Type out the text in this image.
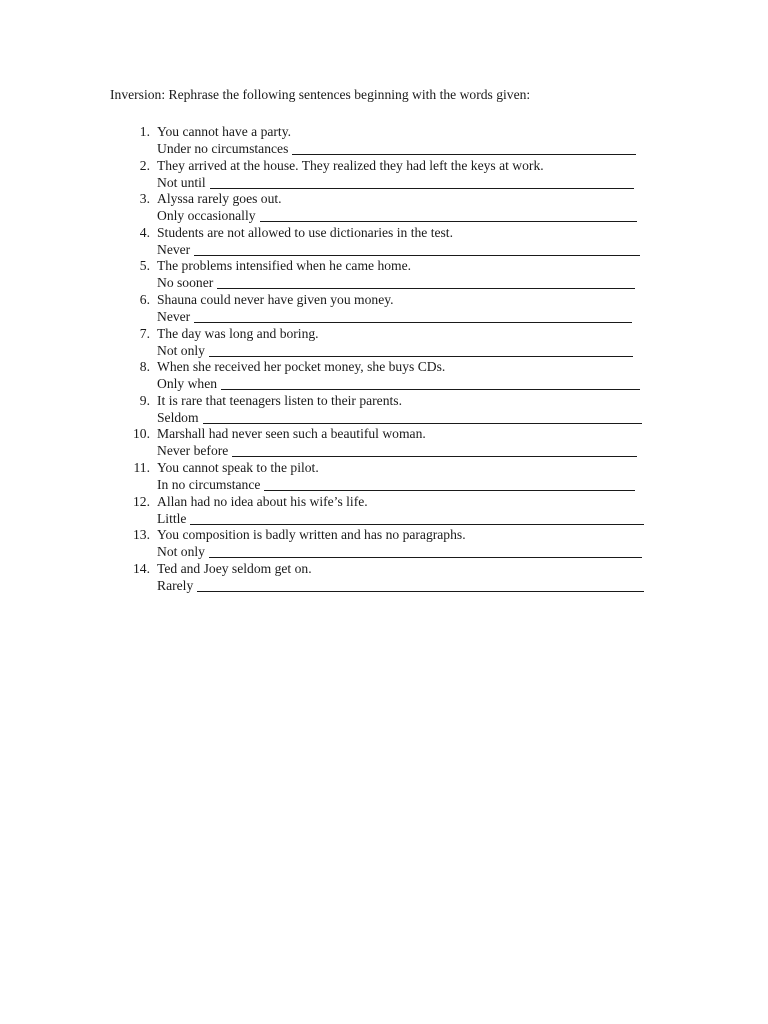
Inversion: Rephrase the following sentences beginning with the words given:
1. You cannot have a party.
Under no circumstances
2. They arrived at the house. They realized they had left the keys at work.
Not until
3. Alyssa rarely goes out.
Only occasionally
4. Students are not allowed to use dictionaries in the test.
Never
5. The problems intensified when he came home.
No sooner
6. Shauna could never have given you money.
Never
7. The day was long and boring.
Not only
8. When she received her pocket money, she buys CDs.
Only when
9. It is rare that teenagers listen to their parents.
Seldom
10. Marshall had never seen such a beautiful woman.
Never before
11. You cannot speak to the pilot.
In no circumstance
12. Allan had no idea about his wife’s life.
Little
13. You composition is badly written and has no paragraphs.
Not only
14. Ted and Joey seldom get on.
Rarely
